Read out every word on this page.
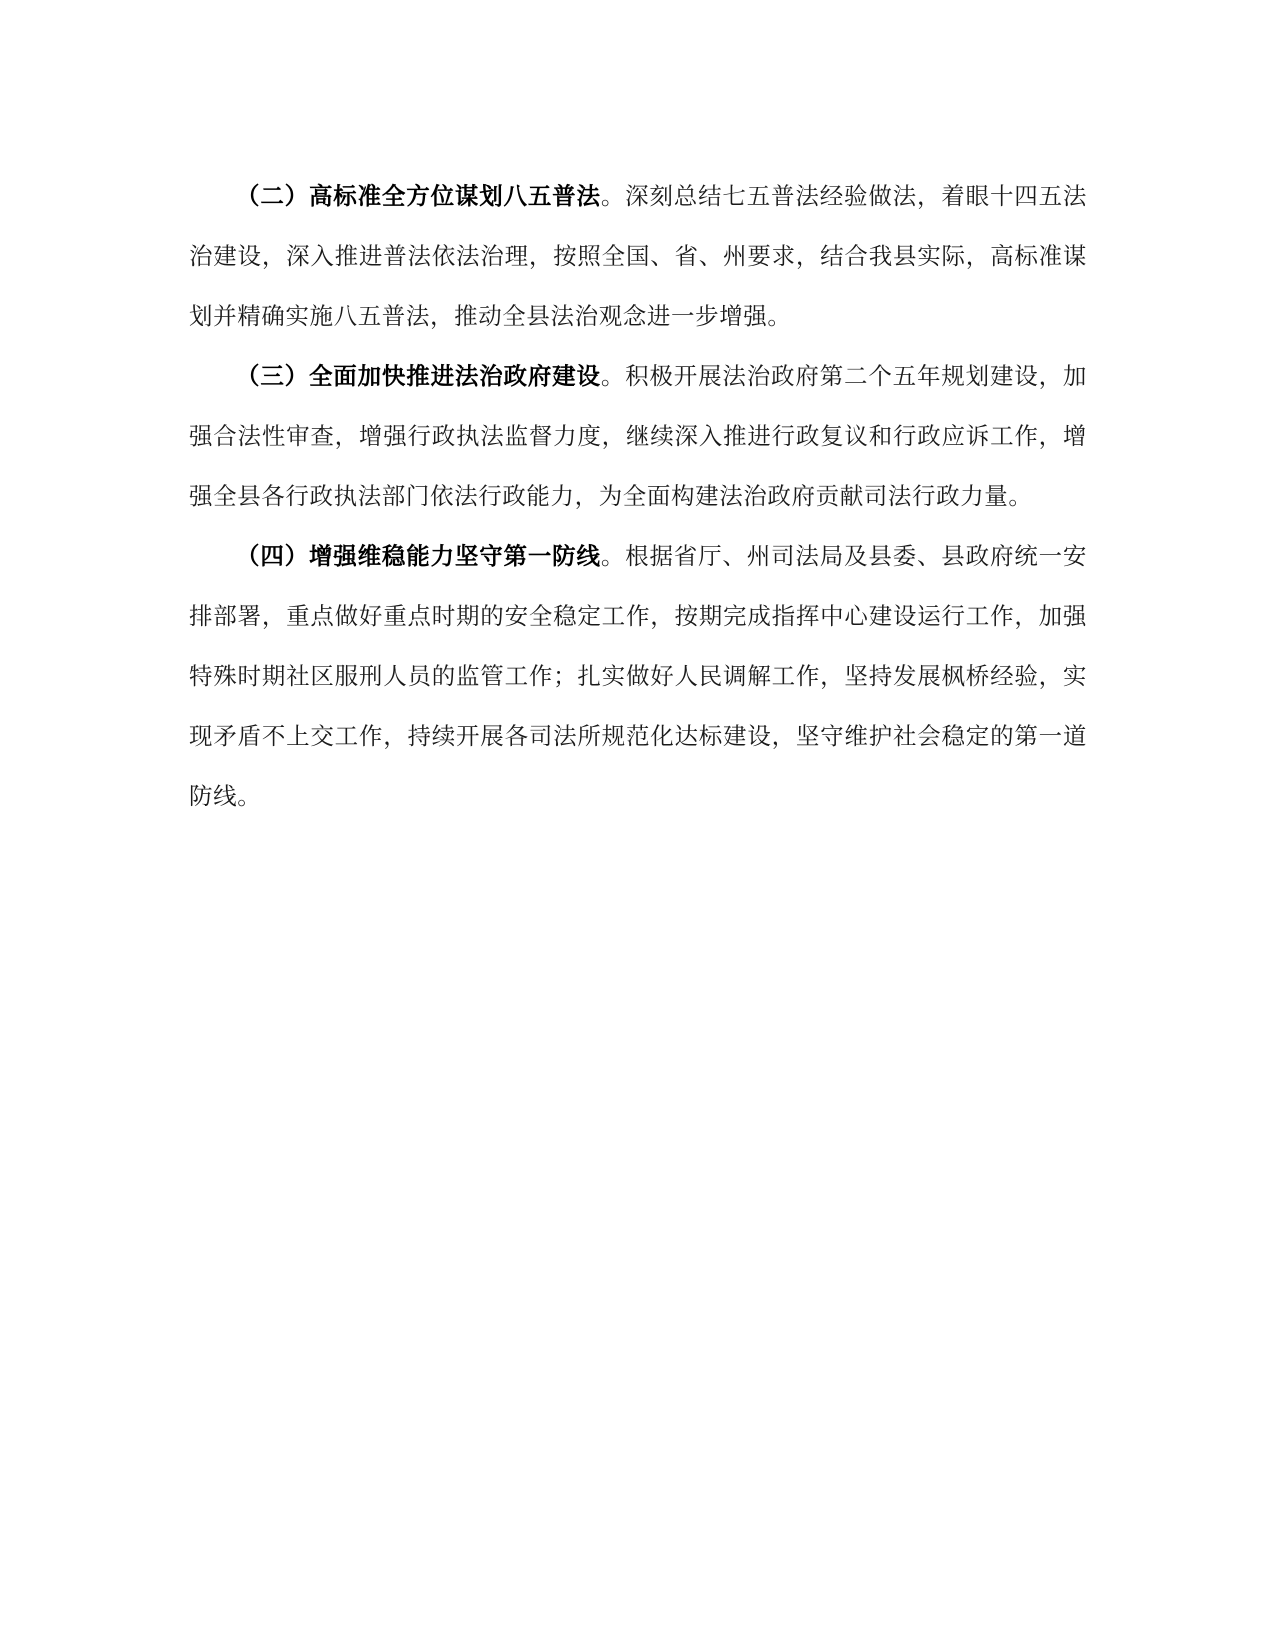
（二）高标准全方位谋划八五普法。深刻总结七五普法经验做法，着眼十四五法治建设，深入推进普法依法治理，按照全国、省、州要求，结合我县实际，高标准谋划并精确实施八五普法，推动全县法治观念进一步增强。

（三）全面加快推进法治政府建设。积极开展法治政府第二个五年规划建设，加强合法性审查，增强行政执法监督力度，继续深入推进行政复议和行政应诉工作，增强全县各行政执法部门依法行政能力，为全面构建法治政府贡献司法行政力量。

（四）增强维稳能力坚守第一防线。根据省厅、州司法局及县委、县政府统一安排部署，重点做好重点时期的安全稳定工作，按期完成指挥中心建设运行工作，加强特殊时期社区服刑人员的监管工作；扎实做好人民调解工作，坚持发展枫桥经验，实现矛盾不上交工作，持续开展各司法所规范化达标建设，坚守维护社会稳定的第一道防线。
